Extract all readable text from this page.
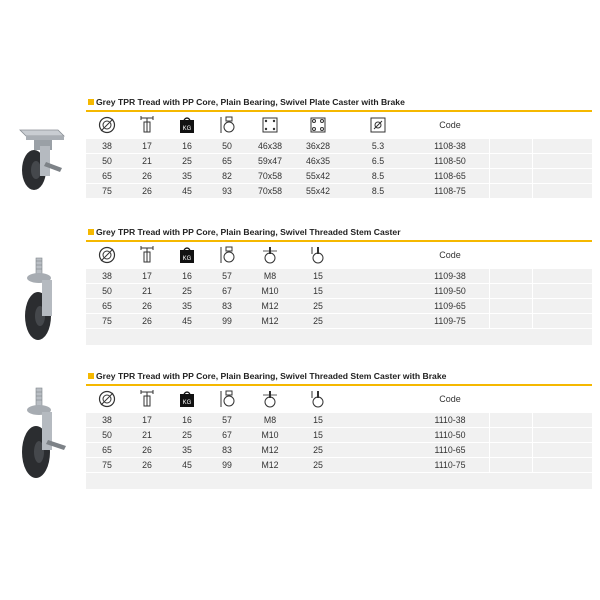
Grey TPR Tread with PP Core, Plain Bearing, Swivel Plate Caster with Brake
KG	Code
38	17	16	50	46x38	36x28	5.3	1108-38
50	21	25	65	59x47	46x35	6.5	1108-50
65	26	35	82	70x58	55x42	8.5	1108-65
75	26	45	93	70x58	55x42	8.5	1108-75
Grey TPR Tread with PP Core, Plain Bearing, Swivel Threaded Stem Caster
KG	Code
38	17	16	57	M8	15	1109-38
50	21	25	67	M10	15	1109-50
65	26	35	83	M12	25	1109-65
75	26	45	99	M12	25	1109-75
Grey TPR Tread with PP Core, Plain Bearing, Swivel Threaded Stem Caster with Brake
KG	Code
38	17	16	57	M8	15	1110-38
50	21	25	67	M10	15	1110-50
65	26	35	83	M12	25	1110-65
75	26	45	99	M12	25	1110-75
